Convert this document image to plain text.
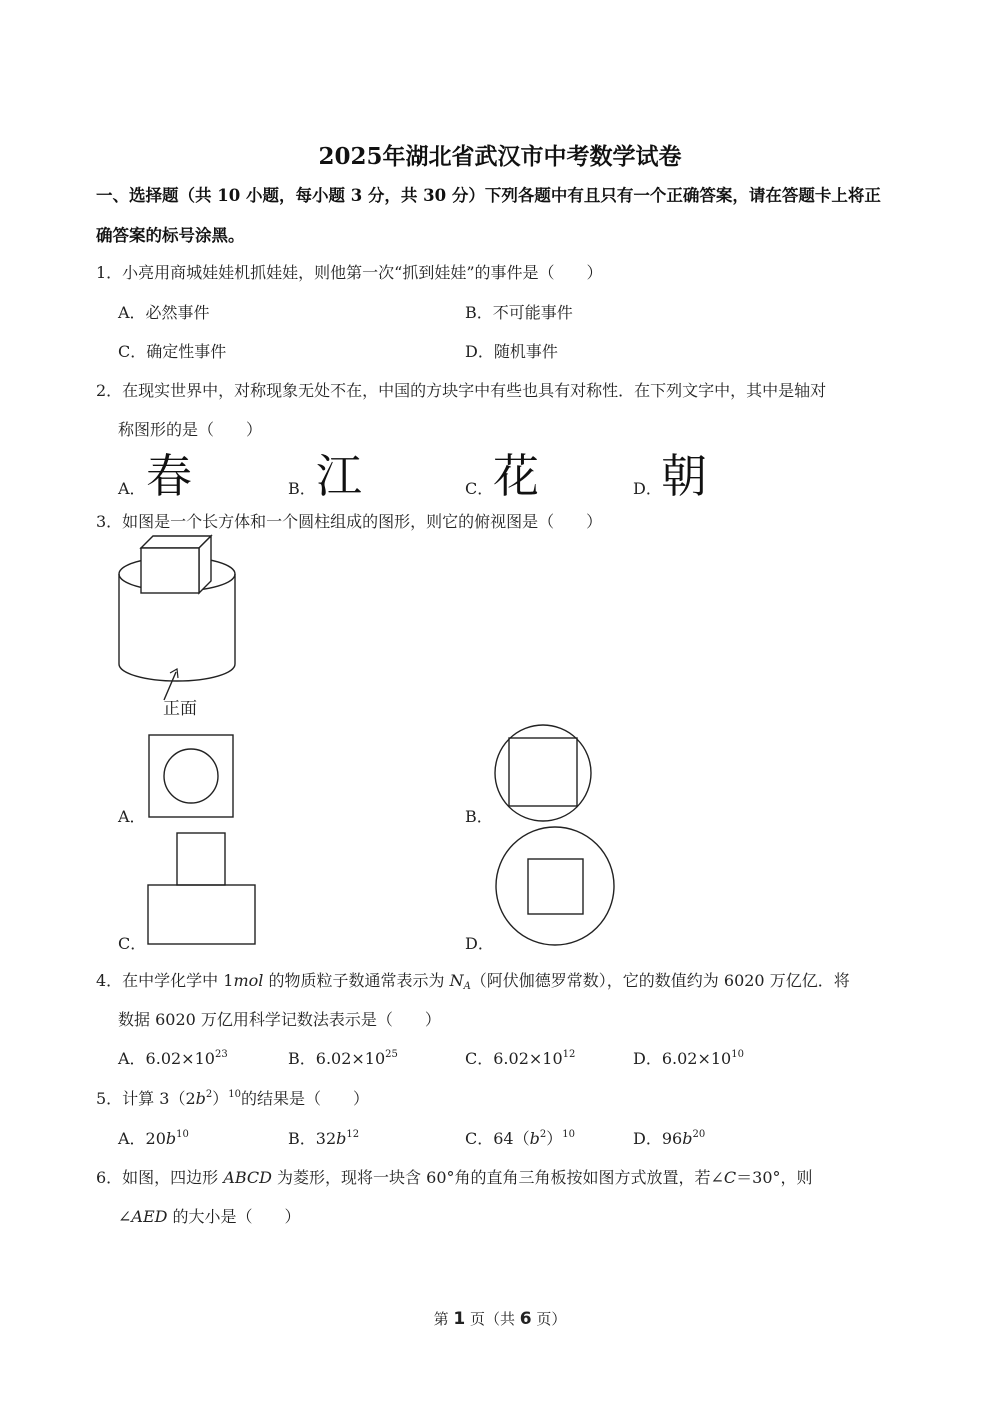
2025年湖北省武汉市中考数学试卷
一、选择题（共 10 小题，每小题 3 分，共 30 分）下列各题中有且只有一个正确答案，请在答题卡上将正
确答案的标号涂黑。
1．小亮用商城娃娃机抓娃娃，则他第一次“抓到娃娃”的事件是（　　）
A．必然事件	B．不可能事件
C．确定性事件	D．随机事件
2．在现实世界中，对称现象无处不在，中国的方块字中有些也具有对称性．在下列文字中，其中是轴对
称图形的是（　　）
A． 春	B． 江	C． 花	D． 朝
3．如图是一个长方体和一个圆柱组成的图形，则它的俯视图是（　　）
正面
A．	B．
C．	D．
4．在中学化学中 1mol 的物质粒子数通常表示为 $N_A$（阿伏伽德罗常数），它的数值约为 6020 万亿亿．将
数据 6020 万亿用科学记数法表示是（　　）
A．$6.02\times 10^{23}$	B．$6.02\times 10^{25}$	C．$6.02\times 10^{12}$	D．$6.02\times 10^{10}$
5．计算 $3(2b^2)^{10}$的结果是（　　）
A．$20b^{10}$	B．$32b^{12}$	C．$64(b^2)^{10}$	D．$96b^{20}$
6．如图，四边形 ABCD 为菱形，现将一块含 60°角的直角三角板按如图方式放置，若∠C＝30°，则
∠AED 的大小是（　　）
第 1 页（共 6 页）
